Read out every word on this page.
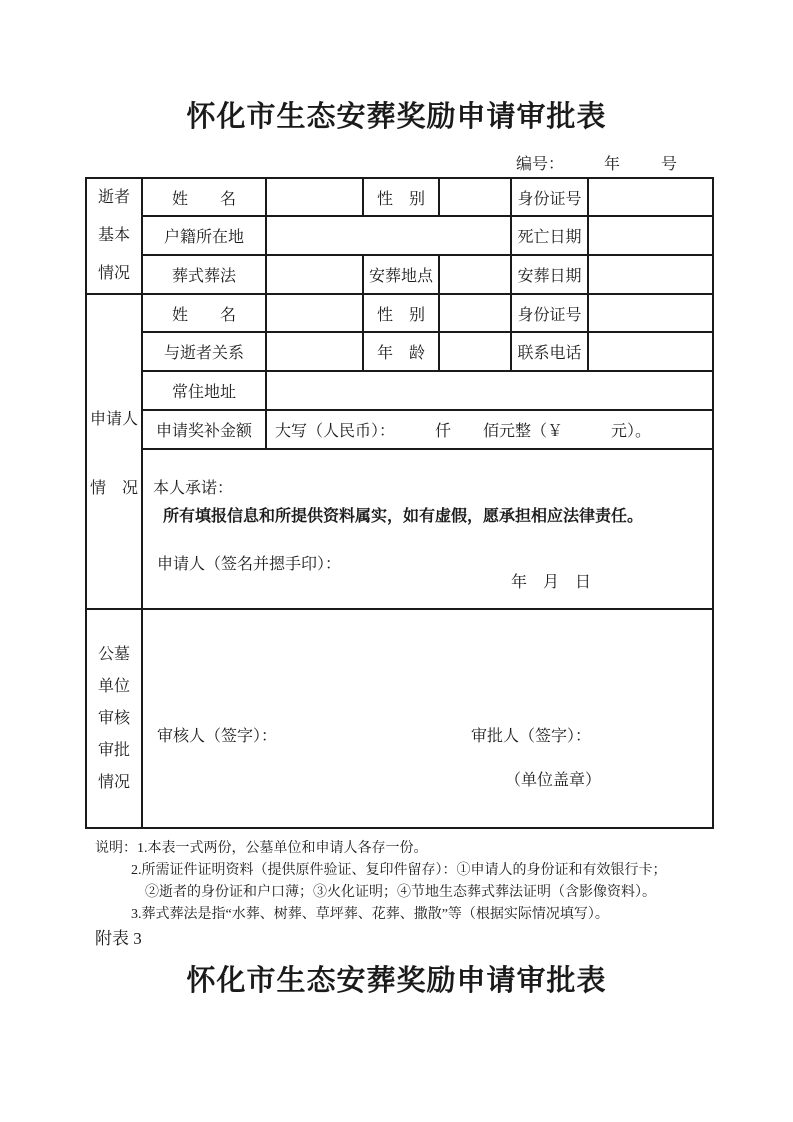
怀化市生态安葬奖励申请审批表
编号： 年	号
逝者
基本
情况	姓　　名		性　别		身份证号	
	户籍所在地				死亡日期	
	葬式葬法		安葬地点		安葬日期	

申请人
情　况	姓　　名		性　别		身份证号	
	与逝者关系		年　龄		联系电话	
	常住地址					
	申请奖补金额	大写（人民币）：　　　仟　　佰元整（￥　　　元）。				

	本人承诺：
所有填报信息和所提供资料属实，如有虚假，愿承担相应法律责任。
申请人（签名并摁手印）：
年　月　日					

公墓
单位
审核
审批
情况

审核人（签字）：	审批人（签字）：
（单位盖章）
说明：1.本表一式两份，公墓单位和申请人各存一份。
2.所需证件证明资料（提供原件验证、复印件留存）：①申请人的身份证和有效银行卡；
②逝者的身份证和户口薄；③火化证明；④节地生态葬式葬法证明（含影像资料）。
3.葬式葬法是指“水葬、树葬、草坪葬、花葬、撒散”等（根据实际情况填写）。
附表 3
怀化市生态安葬奖励申请审批表
